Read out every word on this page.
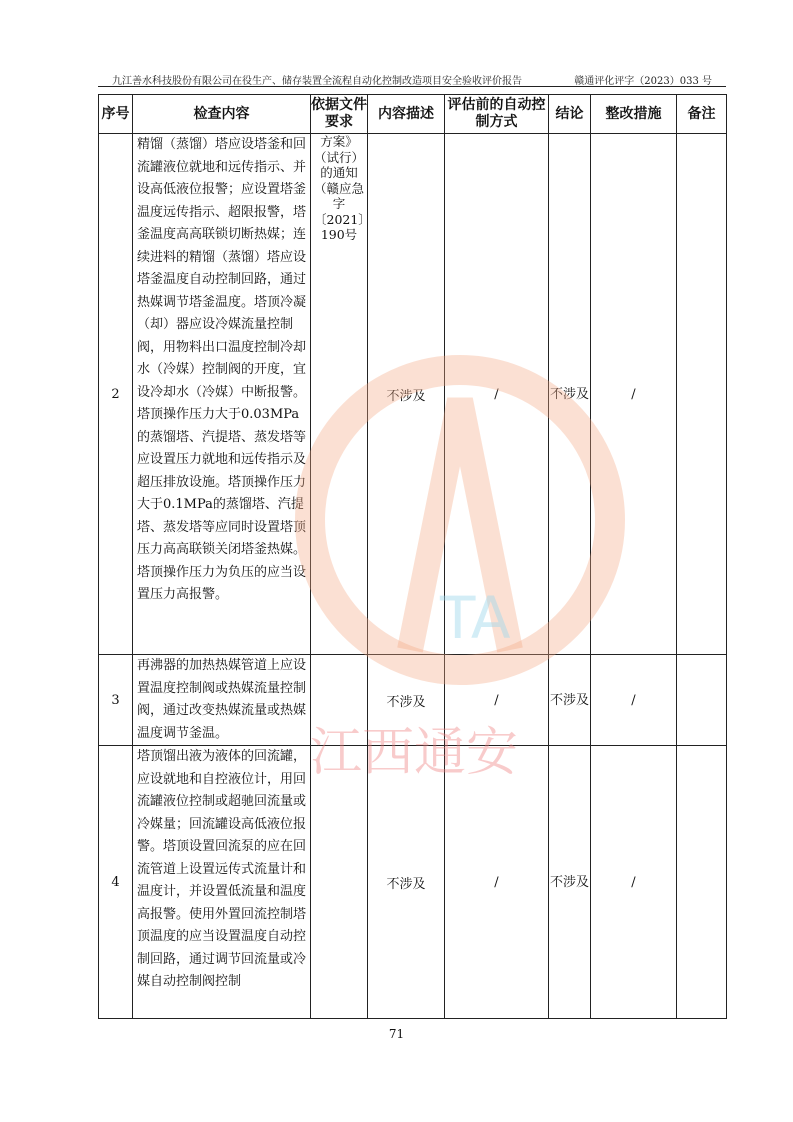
九江善水科技股份有限公司在役生产、储存装置全流程自动化控制改造项目安全验收评价报告	赣通评化评字（2023）033 号
序号	检查内容	依据文件要求	内容描述	评估前的自动控制方式	结论	整改措施	备注
2	精馏（蒸馏）塔应设塔釜和回流罐液位就地和远传指示、并设高低液位报警；应设置塔釜温度远传指示、超限报警，塔釜温度高高联锁切断热媒；连续进料的精馏（蒸馏）塔应设塔釜温度自动控制回路，通过热媒调节塔釜温度。塔顶冷凝（却）器应设冷媒流量控制阀，用物料出口温度控制冷却水（冷媒）控制阀的开度，宜设冷却水（冷媒）中断报警。塔顶操作压力大于0.03MPa的蒸馏塔、汽提塔、蒸发塔等应设置压力就地和远传指示及超压排放设施。塔顶操作压力大于0.1MPa的蒸馏塔、汽提塔、蒸发塔等应同时设置塔顶压力高高联锁关闭塔釜热媒。塔顶操作压力为负压的应当设置压力高报警。	方案》（试行）的通知（赣应急字〔2021〕190号	不涉及	/	不涉及	/	
3	再沸器的加热热媒管道上应设置温度控制阀或热媒流量控制阀，通过改变热媒流量或热媒温度调节釜温。		不涉及	/	不涉及	/	
4	塔顶馏出液为液体的回流罐，应设就地和自控液位计，用回流罐液位控制或超驰回流量或冷媒量；回流罐设高低液位报警。塔顶设置回流泵的应在回流管道上设置远传式流量计和温度计，并设置低流量和温度高报警。使用外置回流控制塔顶温度的应当设置温度自动控制回路，通过调节回流量或冷媒自动控制阀控制		不涉及	/	不涉及	/	
TA
江西通安
71
